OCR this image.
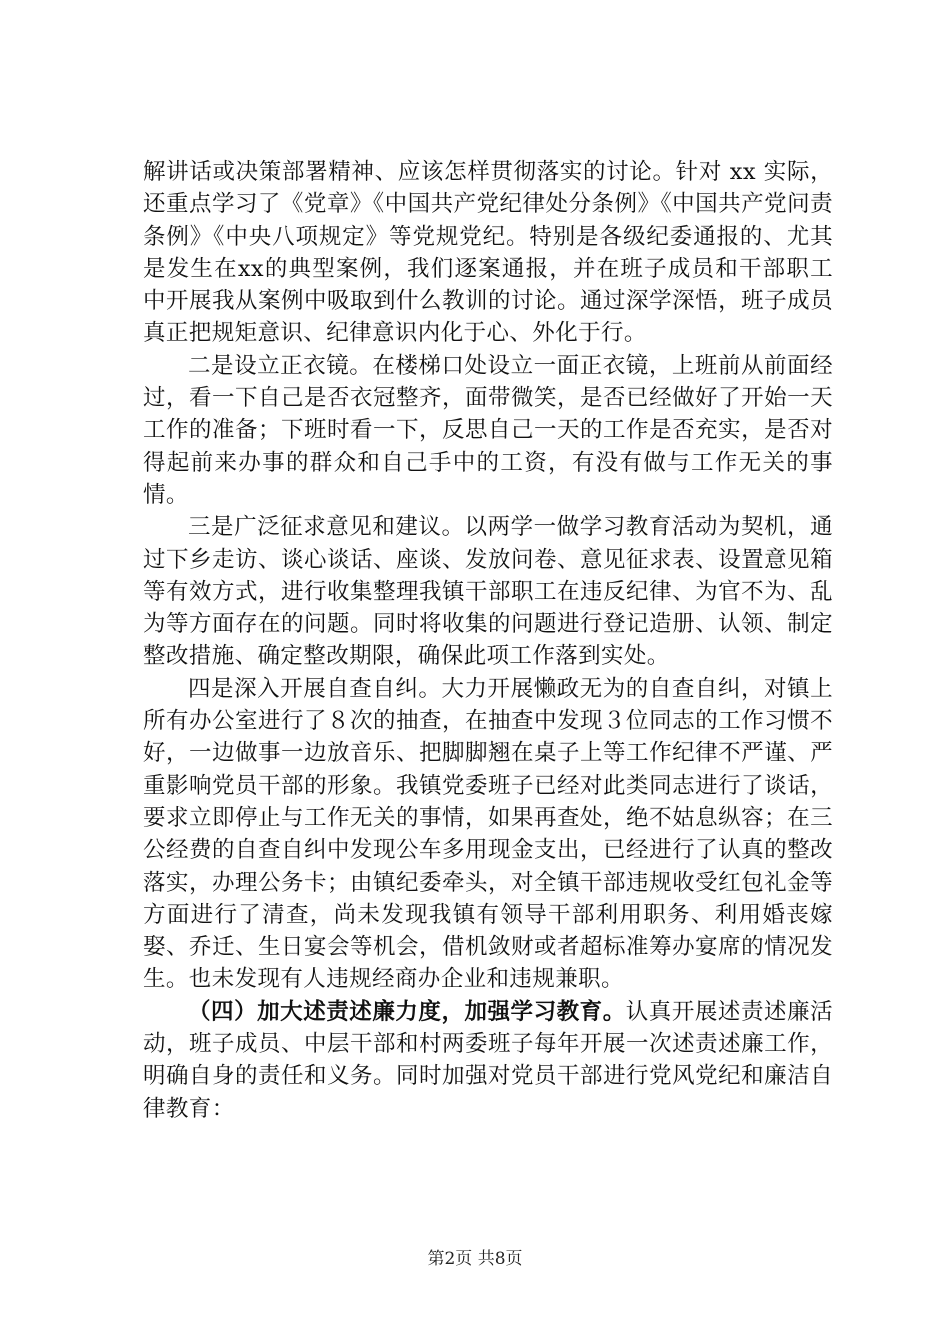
解讲话或决策部署精神、应该怎样贯彻落实的讨论。针对 xx 实际，还重点学习了《党章》《中国共产党纪律处分条例》《中国共产党问责条例》《中央八项规定》等党规党纪。特别是各级纪委通报的、尤其是发生在xx的典型案例，我们逐案通报，并在班子成员和干部职工中开展我从案例中吸取到什么教训的讨论。通过深学深悟，班子成员真正把规矩意识、纪律意识内化于心、外化于行。

二是设立正衣镜。在楼梯口处设立一面正衣镜，上班前从前面经过，看一下自己是否衣冠整齐，面带微笑，是否已经做好了开始一天工作的准备；下班时看一下，反思自己一天的工作是否充实，是否对得起前来办事的群众和自己手中的工资，有没有做与工作无关的事情。

三是广泛征求意见和建议。以两学一做学习教育活动为契机，通过下乡走访、谈心谈话、座谈、发放问卷、意见征求表、设置意见箱等有效方式，进行收集整理我镇干部职工在违反纪律、为官不为、乱为等方面存在的问题。同时将收集的问题进行登记造册、认领、制定整改措施、确定整改期限，确保此项工作落到实处。

四是深入开展自查自纠。大力开展懒政无为的自查自纠，对镇上所有办公室进行了８次的抽查，在抽查中发现３位同志的工作习惯不好，一边做事一边放音乐、把脚脚翘在桌子上等工作纪律不严谨、严重影响党员干部的形象。我镇党委班子已经对此类同志进行了谈话，要求立即停止与工作无关的事情，如果再查处，绝不姑息纵容；在三公经费的自查自纠中发现公车多用现金支出，已经进行了认真的整改落实，办理公务卡；由镇纪委牵头，对全镇干部违规收受红包礼金等方面进行了清查，尚未发现我镇有领导干部利用职务、利用婚丧嫁娶、乔迁、生日宴会等机会，借机敛财或者超标准筹办宴席的情况发生。也未发现有人违规经商办企业和违规兼职。

（四）加大述责述廉力度，加强学习教育。认真开展述责述廉活动，班子成员、中层干部和村两委班子每年开展一次述责述廉工作，明确自身的责任和义务。同时加强对党员干部进行党风党纪和廉洁自律教育：

第2页 共8页
